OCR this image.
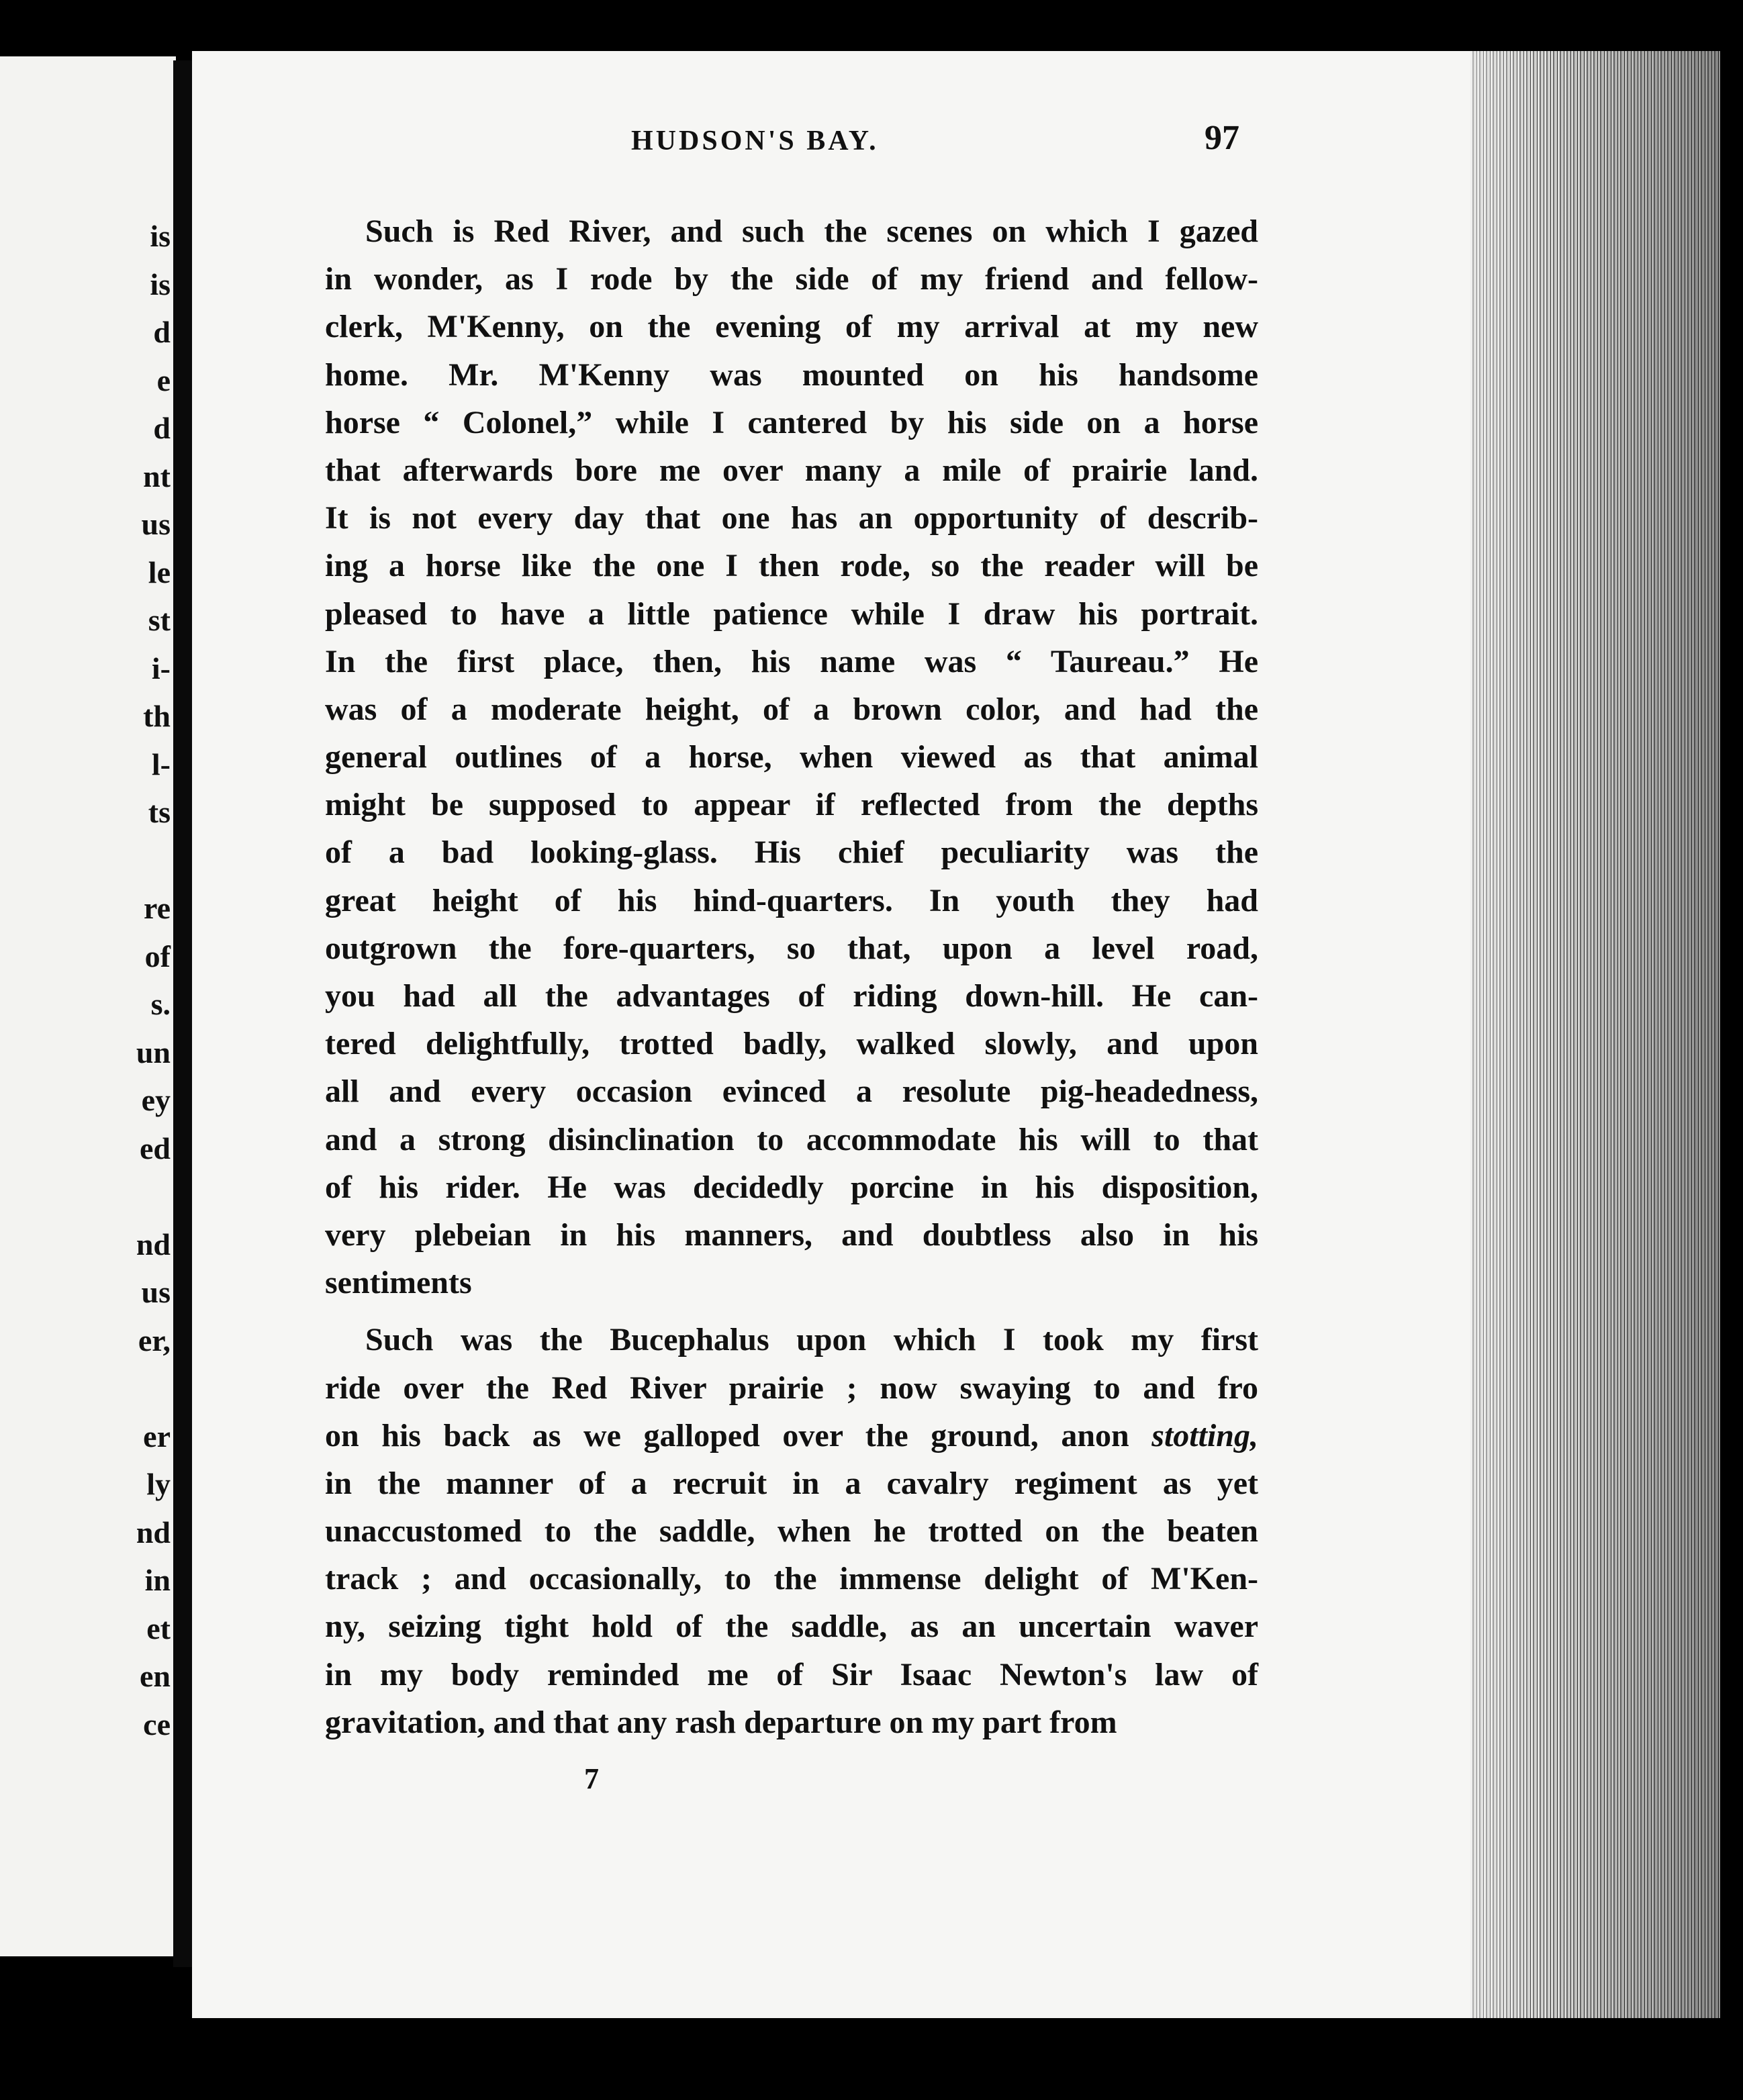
is
is
d
e
d
nt
us
le
st
i-
th
l-
ts
re
of
s.
un
ey
ed
nd
us
er,
er
ly
nd
in
et
en
ce
HUDSON'S BAY.	97
Such is Red River, and such the scenes on which I gazed
in wonder, as I rode by the side of my friend and fellow-
clerk, M'Kenny, on the evening of my arrival at my new
home. Mr. M'Kenny was mounted on his handsome
horse “ Colonel,” while I cantered by his side on a horse
that afterwards bore me over many a mile of prairie land.
It is not every day that one has an opportunity of describ-
ing a horse like the one I then rode, so the reader will be
pleased to have a little patience while I draw his portrait.
In the first place, then, his name was “ Taureau.” He
was of a moderate height, of a brown color, and had the
general outlines of a horse, when viewed as that animal
might be supposed to appear if reflected from the depths
of a bad looking-glass. His chief peculiarity was the
great height of his hind-quarters. In youth they had
outgrown the fore-quarters, so that, upon a level road,
you had all the advantages of riding down-hill. He can-
tered delightfully, trotted badly, walked slowly, and upon
all and every occasion evinced a resolute pig-headedness,
and a strong disinclination to accommodate his will to that
of his rider. He was decidedly porcine in his disposition,
very plebeian in his manners, and doubtless also in his
sentiments
Such was the Bucephalus upon which I took my first
ride over the Red River prairie ; now swaying to and fro
on his back as we galloped over the ground, anon stotting,
in the manner of a recruit in a cavalry regiment as yet
unaccustomed to the saddle, when he trotted on the beaten
track ; and occasionally, to the immense delight of M'Ken-
ny, seizing tight hold of the saddle, as an uncertain waver
in my body reminded me of Sir Isaac Newton's law of
gravitation, and that any rash departure on my part from
7
